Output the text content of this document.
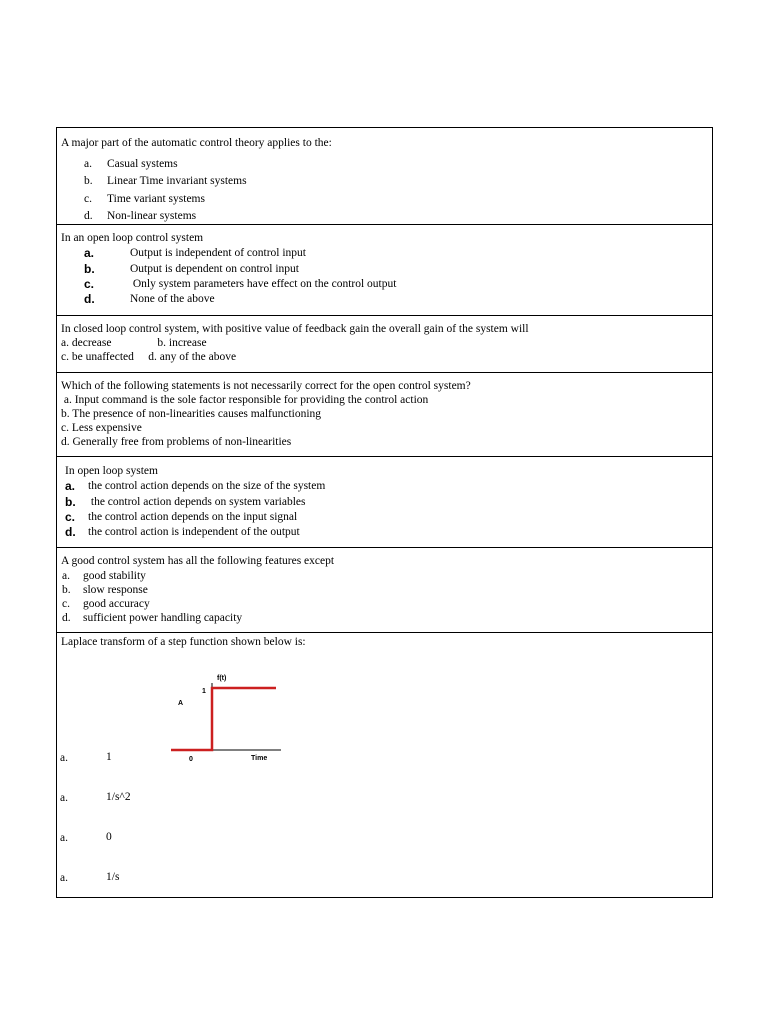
A major part of the automatic control theory applies to the:
a. Casual systems
b. Linear Time invariant systems
c. Time variant systems
d. Non-linear systems
In an open loop control system
a.	Output is independent of control input
b.	Output is dependent on control input
c.	Only system parameters have effect on the control output
d.	None of the above
In closed loop control system, with positive value of feedback gain the overall gain of the system will
a. decrease                b. increase
c. be unaffected     d. any of the above
Which of the following statements is not necessarily correct for the open control system?
a. Input command is the sole factor responsible for providing the control action
b. The presence of non-linearities causes malfunctioning
c. Less expensive
d. Generally free from problems of non-linearities
In open loop system
a. the control action depends on the size of the system
b. the control action depends on system variables
c. the control action depends on the input signal
d. the control action is independent of the output
A good control system has all the following features except
a. good stability
b. slow response
c. good accuracy
d. sufficient power handling capacity
Laplace transform of a step function shown below is:
f(t)
1
A
0	Time
a.	1
a.	1/s^2
a.	0
a.	1/s
